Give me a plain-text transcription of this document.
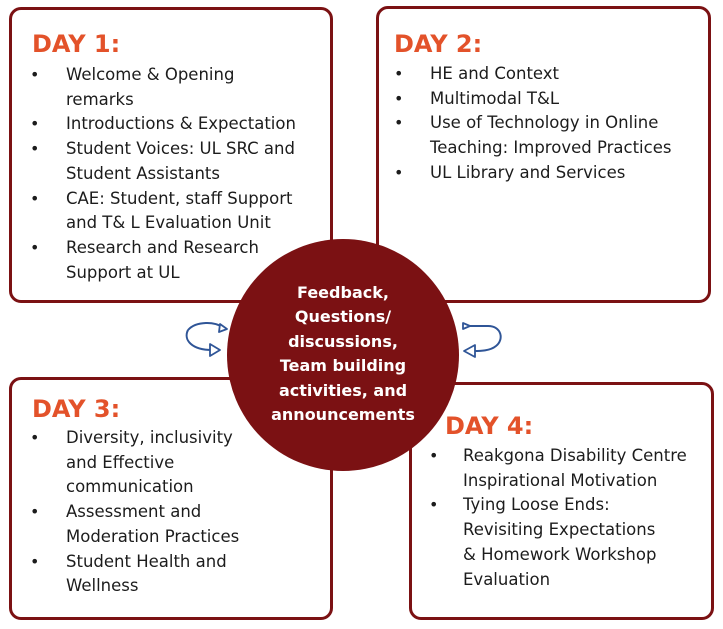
DAY 1:
• Welcome & Opening
remarks
• Introductions & Expectation
• Student Voices: UL SRC and
Student Assistants
• CAE: Student, staff Support
and T& L Evaluation Unit
• Research and Research
Support at UL
DAY 2:
• HE and Context
• Multimodal T&L
• Use of Technology in Online
Teaching: Improved Practices
• UL Library and Services
DAY 3:
• Diversity, inclusivity
and Effective
communication
• Assessment and
Moderation Practices
• Student Health and
Wellness
DAY 4:
• Reakgona Disability Centre
Inspirational Motivation
• Tying Loose Ends:
Revisiting Expectations
& Homework Workshop
Evaluation
Feedback,
Questions/
discussions,
Team building
activities, and
announcements
